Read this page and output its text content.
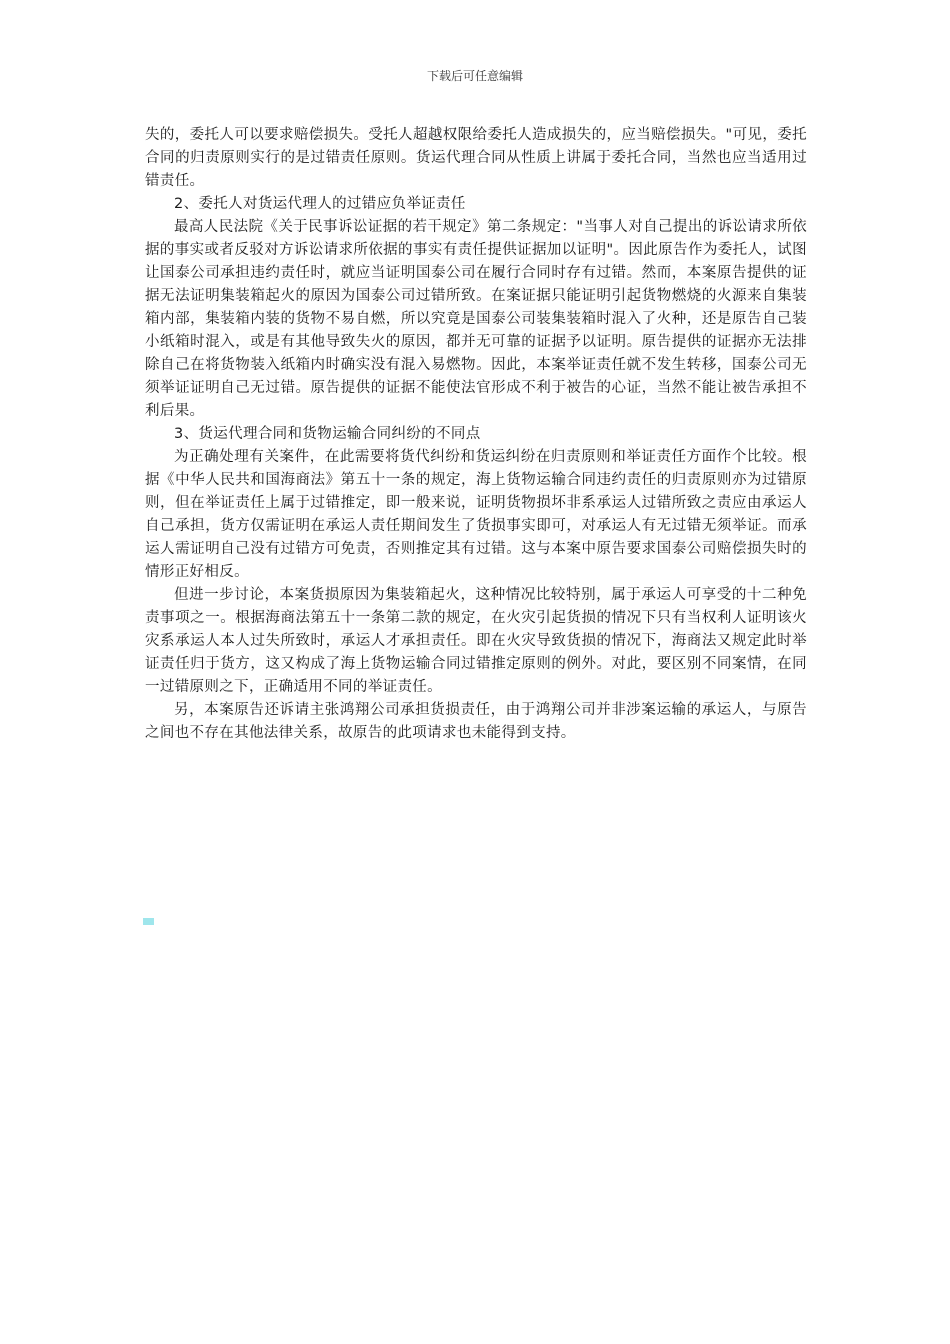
下载后可任意编辑

失的，委托人可以要求赔偿损失。受托人超越权限给委托人造成损失的，应当赔偿损失。"可见，委托合同的归责原则实行的是过错责任原则。货运代理合同从性质上讲属于委托合同，当然也应当适用过错责任。

2、委托人对货运代理人的过错应负举证责任

最高人民法院《关于民事诉讼证据的若干规定》第二条规定："当事人对自己提出的诉讼请求所依据的事实或者反驳对方诉讼请求所依据的事实有责任提供证据加以证明"。因此原告作为委托人，试图让国泰公司承担违约责任时，就应当证明国泰公司在履行合同时存有过错。然而，本案原告提供的证据无法证明集装箱起火的原因为国泰公司过错所致。在案证据只能证明引起货物燃烧的火源来自集装箱内部，集装箱内装的货物不易自燃，所以究竟是国泰公司装集装箱时混入了火种，还是原告自己装小纸箱时混入，或是有其他导致失火的原因，都并无可靠的证据予以证明。原告提供的证据亦无法排除自己在将货物装入纸箱内时确实没有混入易燃物。因此，本案举证责任就不发生转移，国泰公司无须举证证明自己无过错。原告提供的证据不能使法官形成不利于被告的心证，当然不能让被告承担不利后果。

3、货运代理合同和货物运输合同纠纷的不同点

为正确处理有关案件，在此需要将货代纠纷和货运纠纷在归责原则和举证责任方面作个比较。根据《中华人民共和国海商法》第五十一条的规定，海上货物运输合同违约责任的归责原则亦为过错原则，但在举证责任上属于过错推定，即一般来说，证明货物损坏非系承运人过错所致之责应由承运人自己承担，货方仅需证明在承运人责任期间发生了货损事实即可，对承运人有无过错无须举证。而承运人需证明自己没有过错方可免责，否则推定其有过错。这与本案中原告要求国泰公司赔偿损失时的情形正好相反。

但进一步讨论，本案货损原因为集装箱起火，这种情况比较特别，属于承运人可享受的十二种免责事项之一。根据海商法第五十一条第二款的规定，在火灾引起货损的情况下只有当权利人证明该火灾系承运人本人过失所致时，承运人才承担责任。即在火灾导致货损的情况下，海商法又规定此时举证责任归于货方，这又构成了海上货物运输合同过错推定原则的例外。对此，要区别不同案情，在同一过错原则之下，正确适用不同的举证责任。

另，本案原告还诉请主张鸿翔公司承担货损责任，由于鸿翔公司并非涉案运输的承运人，与原告之间也不存在其他法律关系，故原告的此项请求也未能得到支持。
